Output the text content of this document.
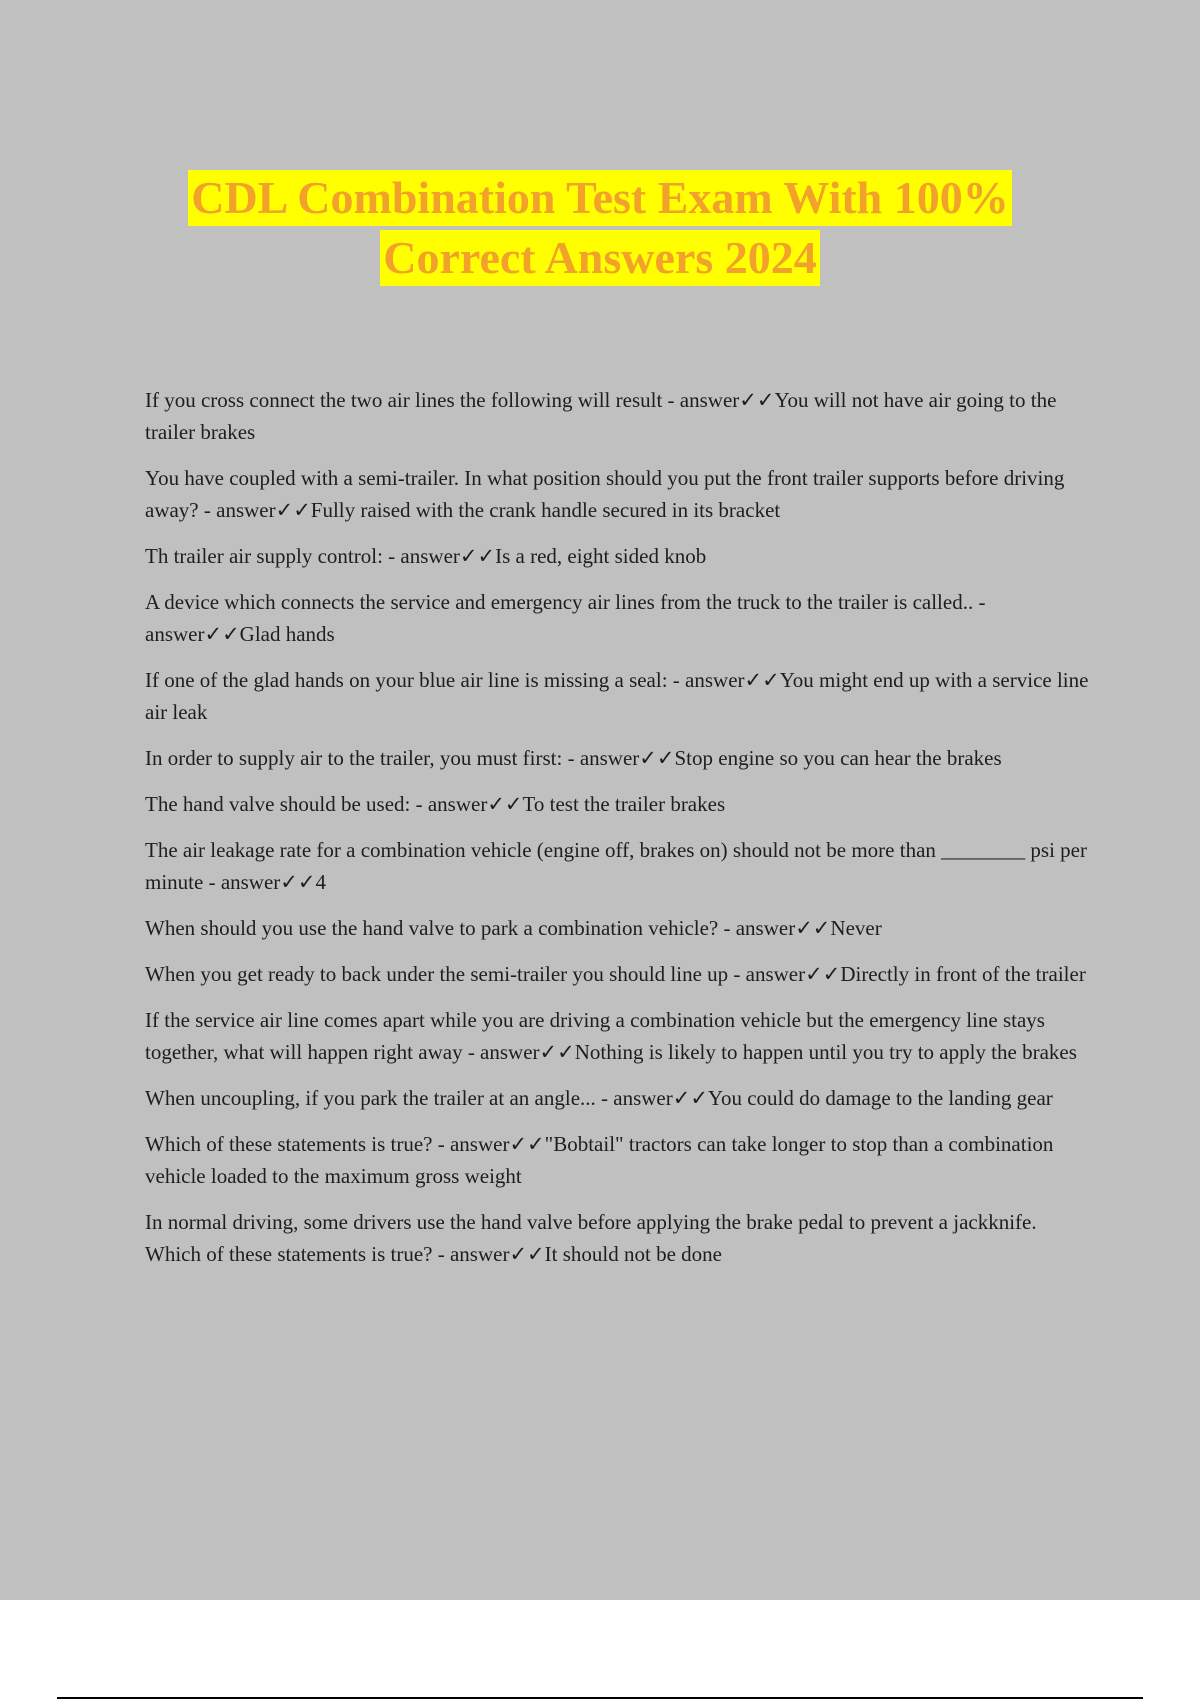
CDL Combination Test Exam With 100%
Correct Answers 2024

If you cross connect the two air lines the following will result - answer✓✓You will not have air going to the trailer brakes

You have coupled with a semi-trailer. In what position should you put the front trailer supports before driving away? - answer✓✓Fully raised with the crank handle secured in its bracket

Th trailer air supply control: - answer✓✓Is a red, eight sided knob

A device which connects the service and emergency air lines from the truck to the trailer is called.. - answer✓✓Glad hands

If one of the glad hands on your blue air line is missing a seal: - answer✓✓You might end up with a service line air leak

In order to supply air to the trailer, you must first: - answer✓✓Stop engine so you can hear the brakes

The hand valve should be used: - answer✓✓To test the trailer brakes

The air leakage rate for a combination vehicle (engine off, brakes on) should not be more than ________ psi per minute - answer✓✓4

When should you use the hand valve to park a combination vehicle? - answer✓✓Never

When you get ready to back under the semi-trailer you should line up - answer✓✓Directly in front of the trailer

If the service air line comes apart while you are driving a combination vehicle but the emergency line stays together, what will happen right away - answer✓✓Nothing is likely to happen until you try to apply the brakes

When uncoupling, if you park the trailer at an angle... - answer✓✓You could do damage to the landing gear

Which of these statements is true? - answer✓✓"Bobtail" tractors can take longer to stop than a combination vehicle loaded to the maximum gross weight

In normal driving, some drivers use the hand valve before applying the brake pedal to prevent a jackknife. Which of these statements is true? - answer✓✓It should not be done
